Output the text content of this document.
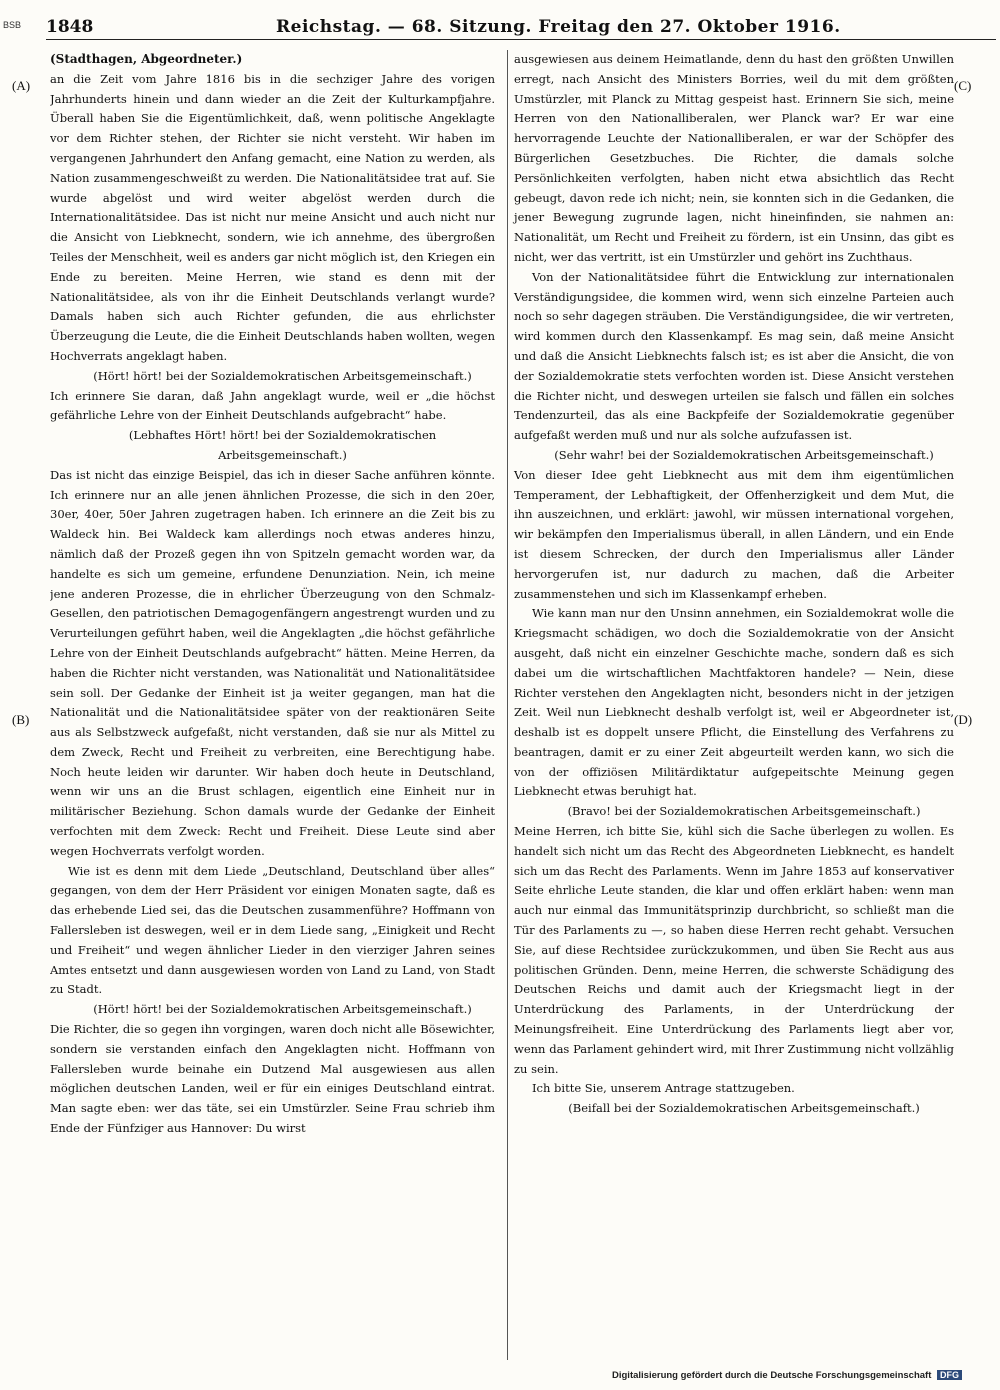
BSB 1848	Reichstag. — 68. Sitzung. Freitag den 27. Oktober 1916.
(A)
(B)
(C)
(D)

(Stadthagen, Abgeordneter.)

an die Zeit vom Jahre 1816 bis in die sechziger Jahre des vorigen Jahrhunderts hinein und dann wieder an die Zeit der Kulturkampfjahre. Überall haben Sie die Eigentümlichkeit, daß, wenn politische Angeklagte vor dem Richter stehen, der Richter sie nicht versteht. Wir haben im vergangenen Jahrhundert den Anfang gemacht, eine Nation zu werden, als Nation zusammengeschweißt zu werden. Die Nationalitätsidee trat auf. Sie wurde abgelöst und wird weiter abgelöst werden durch die Internationalitätsidee. Das ist nicht nur meine Ansicht und auch nicht nur die Ansicht von Liebknecht, sondern, wie ich annehme, des übergroßen Teiles der Menschheit, weil es anders gar nicht möglich ist, den Kriegen ein Ende zu bereiten. Meine Herren, wie stand es denn mit der Nationalitätsidee, als von ihr die Einheit Deutschlands verlangt wurde? Damals haben sich auch Richter gefunden, die aus ehrlichster Überzeugung die Leute, die die Einheit Deutschlands haben wollten, wegen Hochverrats angeklagt haben.

(Hört! hört! bei der Sozialdemokratischen Arbeitsgemeinschaft.)

Ich erinnere Sie daran, daß Jahn angeklagt wurde, weil er „die höchst gefährliche Lehre von der Einheit Deutschlands aufgebracht“ habe.

(Lebhaftes Hört! hört! bei der Sozialdemokratischen Arbeitsgemeinschaft.)

Das ist nicht das einzige Beispiel, das ich in dieser Sache anführen könnte. Ich erinnere nur an alle jenen ähnlichen Prozesse, die sich in den 20er, 30er, 40er, 50er Jahren zugetragen haben. Ich erinnere an die Zeit bis zu Waldeck hin. Bei Waldeck kam allerdings noch etwas anderes hinzu, nämlich daß der Prozeß gegen ihn von Spitzeln gemacht worden war, da handelte es sich um gemeine, erfundene Denunziation. Nein, ich meine jene anderen Prozesse, die in ehrlicher Überzeugung von den Schmalz-Gesellen, den patriotischen Demagogenfängern angestrengt wurden und zu Verurteilungen geführt haben, weil die Angeklagten „die höchst gefährliche Lehre von der Einheit Deutschlands aufgebracht“ hätten. Meine Herren, da haben die Richter nicht verstanden, was Nationalität und Nationalitätsidee sein soll. Der Gedanke der Einheit ist ja weiter gegangen, man hat die Nationalität und die Nationalitätsidee später von der reaktionären Seite aus als Selbstzweck aufgefaßt, nicht verstanden, daß sie nur als Mittel zu dem Zweck, Recht und Freiheit zu verbreiten, eine Berechtigung habe. Noch heute leiden wir darunter. Wir haben doch heute in Deutschland, wenn wir uns an die Brust schlagen, eigentlich eine Einheit nur in militärischer Beziehung. Schon damals wurde der Gedanke der Einheit verfochten mit dem Zweck: Recht und Freiheit. Diese Leute sind aber wegen Hochverrats verfolgt worden.

Wie ist es denn mit dem Liede „Deutschland, Deutschland über alles“ gegangen, von dem der Herr Präsident vor einigen Monaten sagte, daß es das erhebende Lied sei, das die Deutschen zusammenführe? Hoffmann von Fallersleben ist deswegen, weil er in dem Liede sang, „Einigkeit und Recht und Freiheit“ und wegen ähnlicher Lieder in den vierziger Jahren seines Amtes entsetzt und dann ausgewiesen worden von Land zu Land, von Stadt zu Stadt.

(Hört! hört! bei der Sozialdemokratischen Arbeitsgemeinschaft.)

Die Richter, die so gegen ihn vorgingen, waren doch nicht alle Bösewichter, sondern sie verstanden einfach den Angeklagten nicht. Hoffmann von Fallersleben wurde beinahe ein Dutzend Mal ausgewiesen aus allen möglichen deutschen Landen, weil er für ein einiges Deutschland eintrat. Man sagte eben: wer das täte, sei ein Umstürzler. Seine Frau schrieb ihm Ende der Fünfziger aus Hannover: Du wirst

ausgewiesen aus deinem Heimatlande, denn du hast den größten Unwillen erregt, nach Ansicht des Ministers Borries, weil du mit dem größten Umstürzler, mit Planck zu Mittag gespeist hast. Erinnern Sie sich, meine Herren von den Nationalliberalen, wer Planck war? Er war eine hervorragende Leuchte der Nationalliberalen, er war der Schöpfer des Bürgerlichen Gesetzbuches. Die Richter, die damals solche Persönlichkeiten verfolgten, haben nicht etwa absichtlich das Recht gebeugt, davon rede ich nicht; nein, sie konnten sich in die Gedanken, die jener Bewegung zugrunde lagen, nicht hineinfinden, sie nahmen an: Nationalität, um Recht und Freiheit zu fördern, ist ein Unsinn, das gibt es nicht, wer das vertritt, ist ein Umstürzler und gehört ins Zuchthaus.

Von der Nationalitätsidee führt die Entwicklung zur internationalen Verständigungsidee, die kommen wird, wenn sich einzelne Parteien auch noch so sehr dagegen sträuben. Die Verständigungsidee, die wir vertreten, wird kommen durch den Klassenkampf. Es mag sein, daß meine Ansicht und daß die Ansicht Liebknechts falsch ist; es ist aber die Ansicht, die von der Sozialdemokratie stets verfochten worden ist. Diese Ansicht verstehen die Richter nicht, und deswegen urteilen sie falsch und fällen ein solches Tendenzurteil, das als eine Backpfeife der Sozialdemokratie gegenüber aufgefaßt werden muß und nur als solche aufzufassen ist.

(Sehr wahr! bei der Sozialdemokratischen Arbeitsgemeinschaft.)

Von dieser Idee geht Liebknecht aus mit dem ihm eigentümlichen Temperament, der Lebhaftigkeit, der Offenherzigkeit und dem Mut, die ihn auszeichnen, und erklärt: jawohl, wir müssen international vorgehen, wir bekämpfen den Imperialismus überall, in allen Ländern, und ein Ende ist diesem Schrecken, der durch den Imperialismus aller Länder hervorgerufen ist, nur dadurch zu machen, daß die Arbeiter zusammenstehen und sich im Klassenkampf erheben.

Wie kann man nur den Unsinn annehmen, ein Sozialdemokrat wolle die Kriegsmacht schädigen, wo doch die Sozialdemokratie von der Ansicht ausgeht, daß nicht ein einzelner Geschichte mache, sondern daß es sich dabei um die wirtschaftlichen Machtfaktoren handele? — Nein, diese Richter verstehen den Angeklagten nicht, besonders nicht in der jetzigen Zeit. Weil nun Liebknecht deshalb verfolgt ist, weil er Abgeordneter ist, deshalb ist es doppelt unsere Pflicht, die Einstellung des Verfahrens zu beantragen, damit er zu einer Zeit abgeurteilt werden kann, wo sich die von der offiziösen Militärdiktatur aufgepeitschte Meinung gegen Liebknecht etwas beruhigt hat.

(Bravo! bei der Sozialdemokratischen Arbeitsgemeinschaft.)

Meine Herren, ich bitte Sie, kühl sich die Sache überlegen zu wollen. Es handelt sich nicht um das Recht des Abgeordneten Liebknecht, es handelt sich um das Recht des Parlaments. Wenn im Jahre 1853 auf konservativer Seite ehrliche Leute standen, die klar und offen erklärt haben: wenn man auch nur einmal das Immunitätsprinzip durchbricht, so schließt man die Tür des Parlaments zu —, so haben diese Herren recht gehabt. Versuchen Sie, auf diese Rechtsidee zurückzukommen, und üben Sie Recht aus aus politischen Gründen. Denn, meine Herren, die schwerste Schädigung des Deutschen Reichs und damit auch der Kriegsmacht liegt in der Unterdrückung des Parlaments, in der Unterdrückung der Meinungsfreiheit. Eine Unterdrückung des Parlaments liegt aber vor, wenn das Parlament gehindert wird, mit Ihrer Zustimmung nicht vollzählig zu sein.

Ich bitte Sie, unserem Antrage stattzugeben.

(Beifall bei der Sozialdemokratischen Arbeitsgemeinschaft.)

Digitalisierung gefördert durch die Deutsche Forschungsgemeinschaft DFG
